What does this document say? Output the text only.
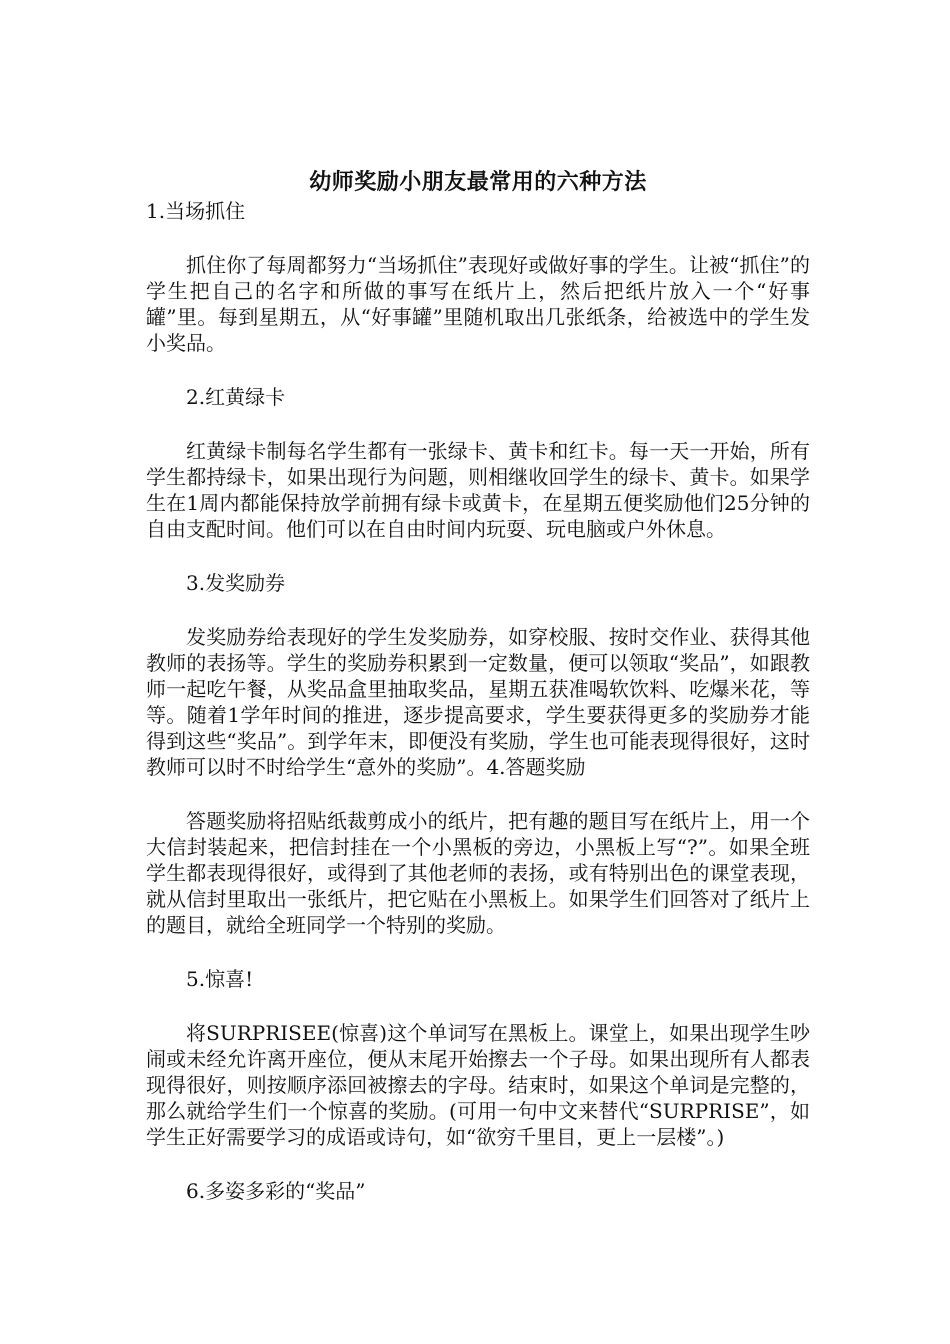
幼师奖励小朋友最常用的六种方法
1.当场抓住

抓住你了每周都努力“当场抓住”表现好或做好事的学生。让被“抓住”的学生把自己的名字和所做的事写在纸片上，然后把纸片放入一个“好事罐”里。每到星期五，从“好事罐”里随机取出几张纸条，给被选中的学生发小奖品。

2.红黄绿卡

红黄绿卡制每名学生都有一张绿卡、黄卡和红卡。每一天一开始，所有学生都持绿卡，如果出现行为问题，则相继收回学生的绿卡、黄卡。如果学生在1周内都能保持放学前拥有绿卡或黄卡，在星期五便奖励他们25分钟的自由支配时间。他们可以在自由时间内玩耍、玩电脑或户外休息。

3.发奖励券

发奖励券给表现好的学生发奖励券，如穿校服、按时交作业、获得其他教师的表扬等。学生的奖励券积累到一定数量，便可以领取“奖品”，如跟教师一起吃午餐，从奖品盒里抽取奖品，星期五获准喝软饮料、吃爆米花，等等。随着1学年时间的推进，逐步提高要求，学生要获得更多的奖励券才能得到这些“奖品”。到学年末，即便没有奖励，学生也可能表现得很好，这时教师可以时不时给学生“意外的奖励”。4.答题奖励

答题奖励将招贴纸裁剪成小的纸片，把有趣的题目写在纸片上，用一个大信封装起来，把信封挂在一个小黑板的旁边，小黑板上写“?”。如果全班学生都表现得很好，或得到了其他老师的表扬，或有特别出色的课堂表现，就从信封里取出一张纸片，把它贴在小黑板上。如果学生们回答对了纸片上的题目，就给全班同学一个特别的奖励。

5.惊喜!

将SURPRISEE(惊喜)这个单词写在黑板上。课堂上，如果出现学生吵闹或未经允许离开座位，便从末尾开始擦去一个子母。如果出现所有人都表现得很好，则按顺序添回被擦去的字母。结束时，如果这个单词是完整的，那么就给学生们一个惊喜的奖励。(可用一句中文来替代“SURPRISE”，如学生正好需要学习的成语或诗句，如“欲穷千里目，更上一层楼”。)

6.多姿多彩的“奖品”
